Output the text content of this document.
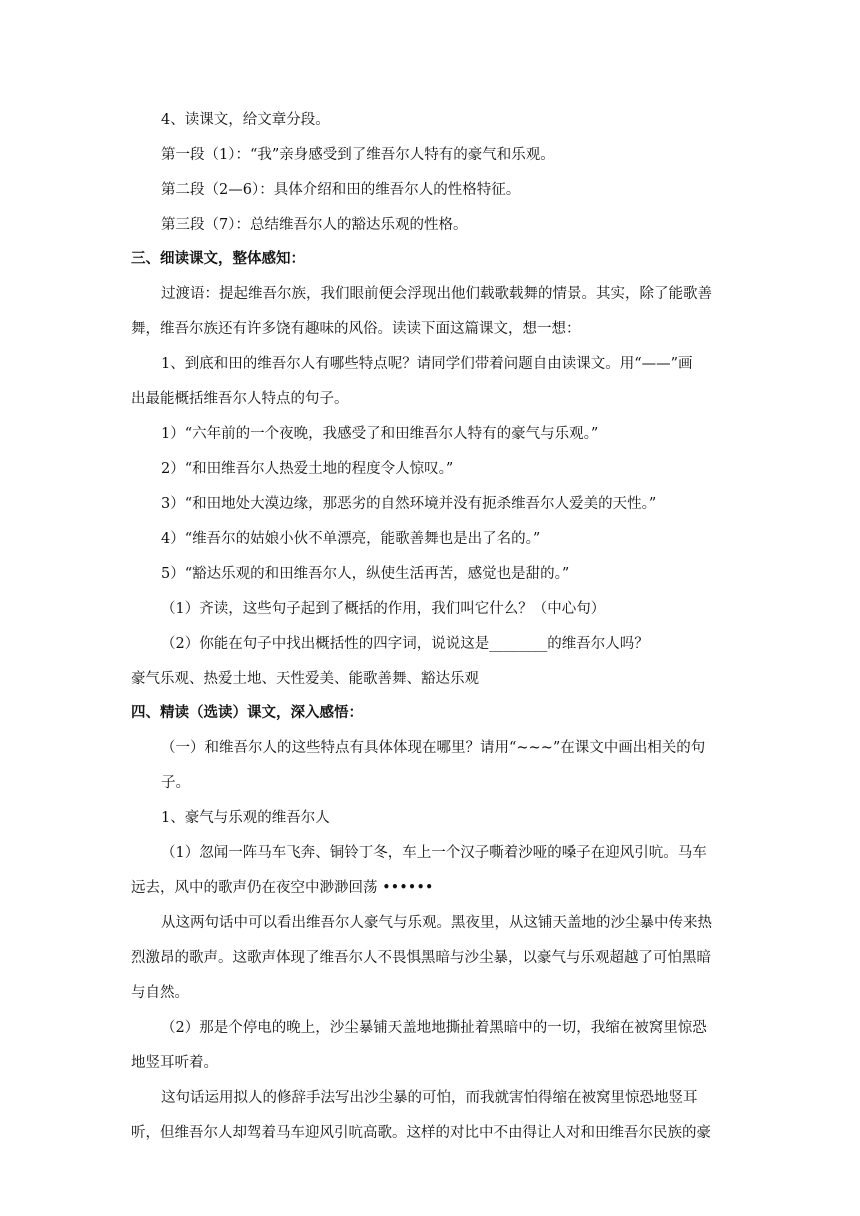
4、读课文，给文章分段。
第一段（1）：“我”亲身感受到了维吾尔人特有的豪气和乐观。
第二段（2—6）：具体介绍和田的维吾尔人的性格特征。
第三段（7）：总结维吾尔人的豁达乐观的性格。
三、细读课文，整体感知：
过渡语：提起维吾尔族，我们眼前便会浮现出他们载歌载舞的情景。其实，除了能歌善
舞，维吾尔族还有许多饶有趣味的风俗。读读下面这篇课文，想一想：
1、到底和田的维吾尔人有哪些特点呢？请同学们带着问题自由读课文。用“——”画
出最能概括维吾尔人特点的句子。
1）“六年前的一个夜晚，我感受了和田维吾尔人特有的豪气与乐观。”
2）“和田维吾尔人热爱土地的程度令人惊叹。”
3）“和田地处大漠边缘，那恶劣的自然环境并没有扼杀维吾尔人爱美的天性。”
4）“维吾尔的姑娘小伙不单漂亮，能歌善舞也是出了名的。”
5）“豁达乐观的和田维吾尔人，纵使生活再苦，感觉也是甜的。”
（1）齐读，这些句子起到了概括的作用，我们叫它什么？（中心句）
（2）你能在句子中找出概括性的四字词，说说这是________的维吾尔人吗？
豪气乐观、热爱土地、天性爱美、能歌善舞、豁达乐观
四、精读（选读）课文，深入感悟：
（一）和维吾尔人的这些特点有具体体现在哪里？请用“~~~”在课文中画出相关的句
子。
1、豪气与乐观的维吾尔人
（1）忽闻一阵马车飞奔、铜铃丁冬，车上一个汉子嘶着沙哑的嗓子在迎风引吭。马车
远去，风中的歌声仍在夜空中渺渺回荡 ••••••
从这两句话中可以看出维吾尔人豪气与乐观。黑夜里，从这铺天盖地的沙尘暴中传来热
烈激昂的歌声。这歌声体现了维吾尔人不畏惧黑暗与沙尘暴，以豪气与乐观超越了可怕黑暗
与自然。
（2）那是个停电的晚上，沙尘暴铺天盖地地撕扯着黑暗中的一切，我缩在被窝里惊恐
地竖耳听着。
这句话运用拟人的修辞手法写出沙尘暴的可怕，而我就害怕得缩在被窝里惊恐地竖耳
听，但维吾尔人却驾着马车迎风引吭高歌。这样的对比中不由得让人对和田维吾尔民族的豪
